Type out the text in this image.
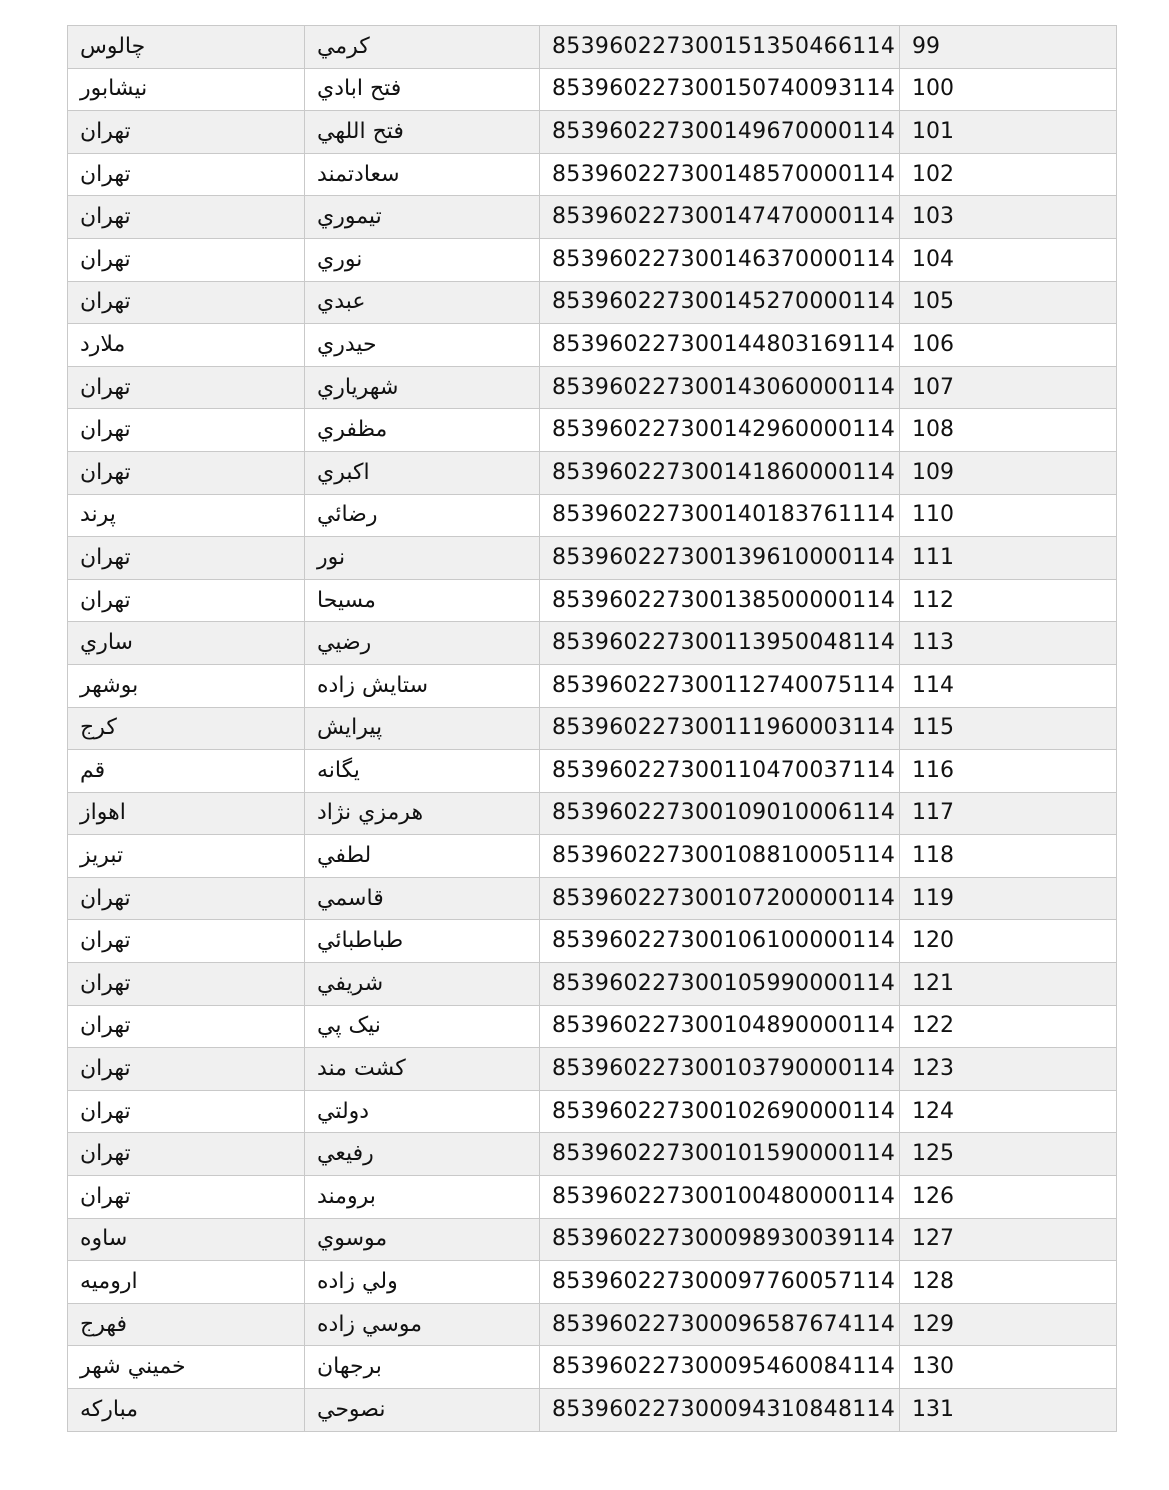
چالوس	كرمي	853960227300151350466114	99
نيشابور	فتح ابادي	853960227300150740093114	100
تهران	فتح اللهي	853960227300149670000114	101
تهران	سعادتمند	853960227300148570000114	102
تهران	تيموري	853960227300147470000114	103
تهران	نوري	853960227300146370000114	104
تهران	عبدي	853960227300145270000114	105
ملارد	حيدري	853960227300144803169114	106
تهران	شهرياري	853960227300143060000114	107
تهران	مظفري	853960227300142960000114	108
تهران	اكبري	853960227300141860000114	109
پرند	رضائي	853960227300140183761114	110
تهران	نور	853960227300139610000114	111
تهران	مسيحا	853960227300138500000114	112
ساري	رضيي	853960227300113950048114	113
بوشهر	ستايش زاده	853960227300112740075114	114
كرج	پيرايش	853960227300111960003114	115
قم	يگانه	853960227300110470037114	116
اهواز	هرمزي نژاد	853960227300109010006114	117
تبريز	لطفي	853960227300108810005114	118
تهران	قاسمي	853960227300107200000114	119
تهران	طباطبائي	853960227300106100000114	120
تهران	شريفي	853960227300105990000114	121
تهران	نيک پي	853960227300104890000114	122
تهران	كشت مند	853960227300103790000114	123
تهران	دولتي	853960227300102690000114	124
تهران	رفيعي	853960227300101590000114	125
تهران	برومند	853960227300100480000114	126
ساوه	موسوي	853960227300098930039114	127
اروميه	ولي زاده	853960227300097760057114	128
فهرج	موسي زاده	853960227300096587674114	129
خميني شهر	برجهان	853960227300095460084114	130
مباركه	نصوحي	853960227300094310848114	131
